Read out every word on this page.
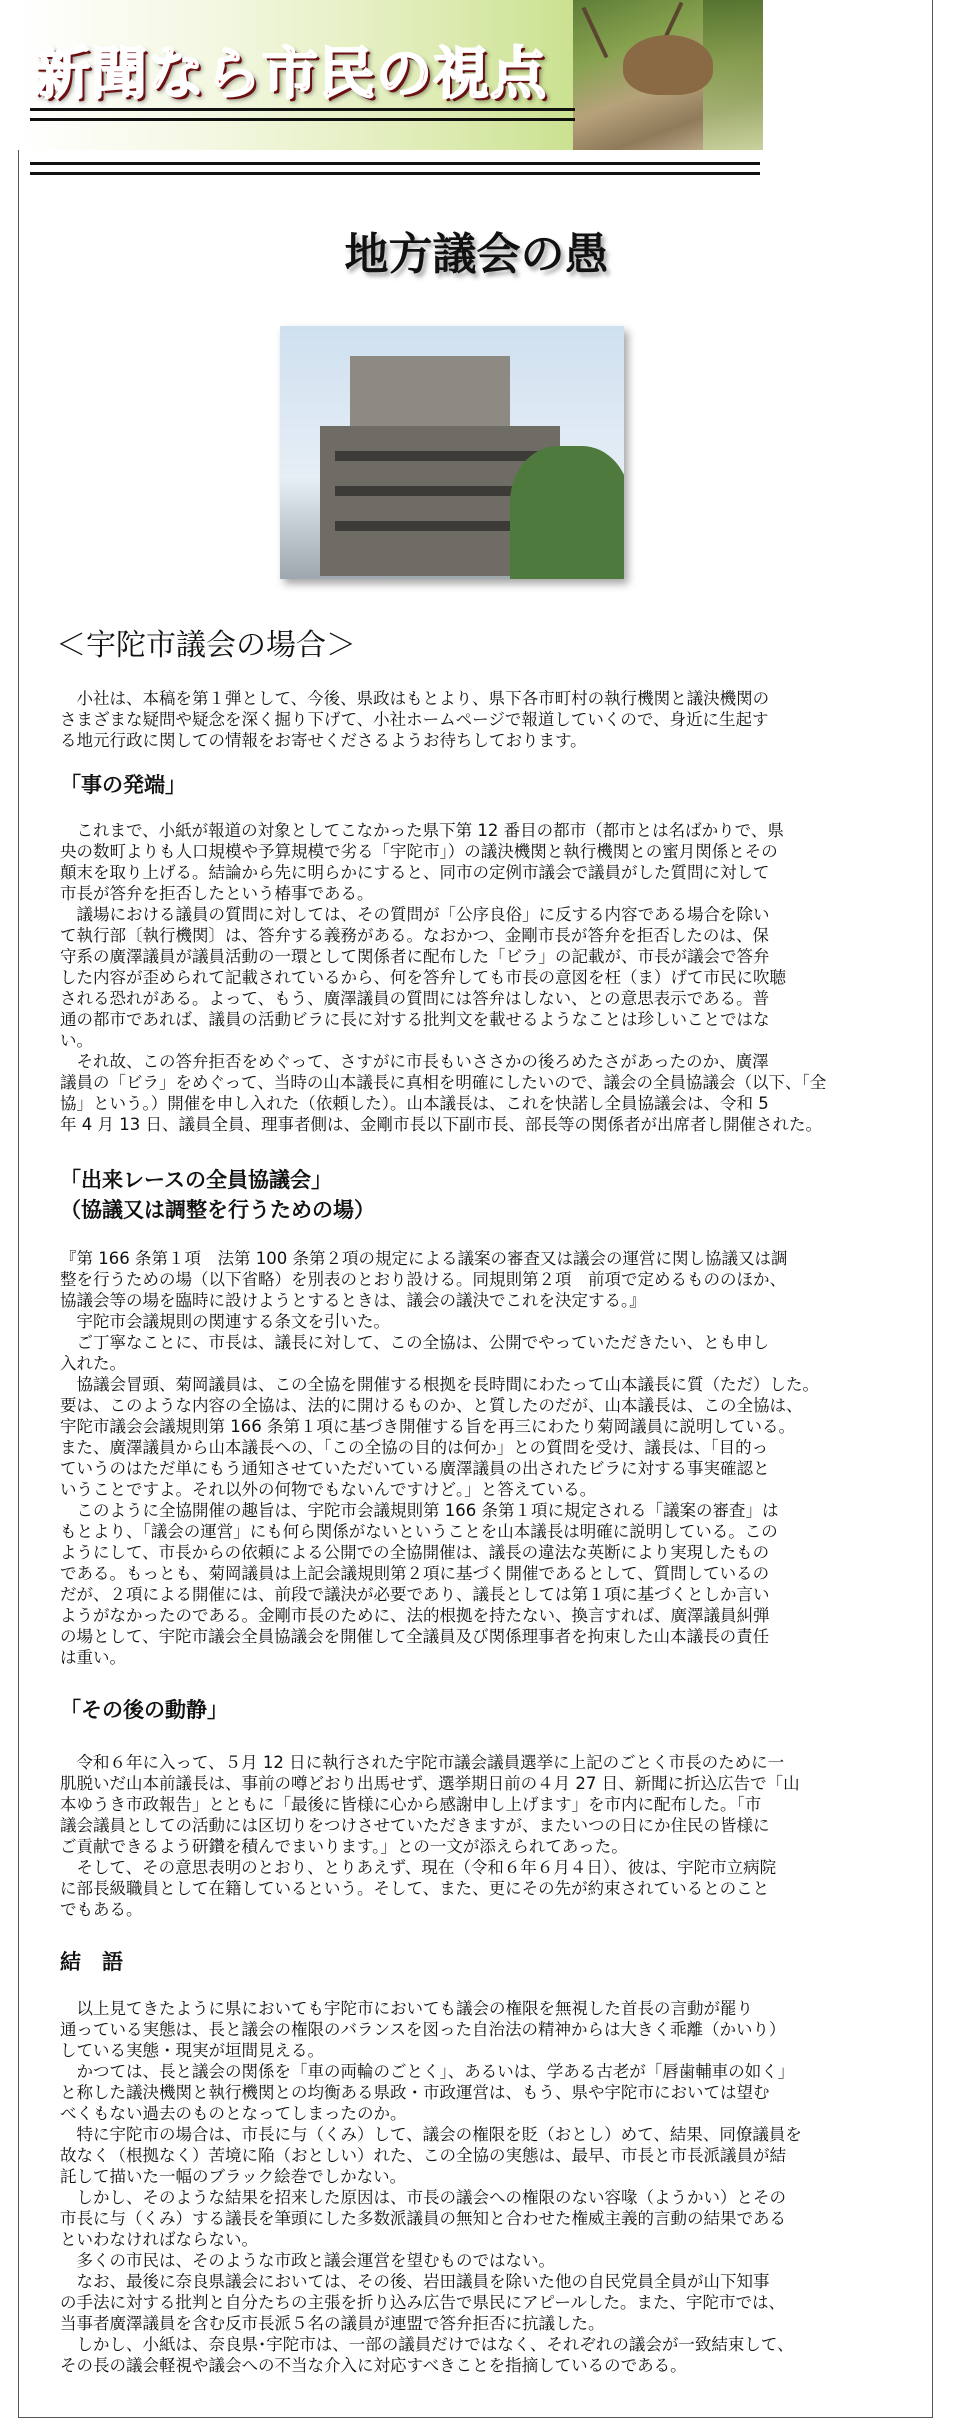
新聞なら市民の視点
地方議会の愚
＜宇陀市議会の場合＞
　小社は、本稿を第１弾として、今後、県政はもとより、県下各市町村の執行機関と議決機関の
さまざまな疑問や疑念を深く掘り下げて、小社ホームページで報道していくので、身近に生起す
る地元行政に関しての情報をお寄せくださるようお待ちしております。
「事の発端」
　これまで、小紙が報道の対象としてこなかった県下第 12 番目の都市（都市とは名ばかりで、県
央の数町よりも人口規模や予算規模で劣る「宇陀市」）の議決機関と執行機関との蜜月関係とその
顛末を取り上げる。結論から先に明らかにすると、同市の定例市議会で議員がした質問に対して
市長が答弁を拒否したという椿事である。
　議場における議員の質問に対しては、その質問が「公序良俗」に反する内容である場合を除い
て執行部〔執行機関〕は、答弁する義務がある。なおかつ、金剛市長が答弁を拒否したのは、保
守系の廣澤議員が議員活動の一環として関係者に配布した「ビラ」の記載が、市長が議会で答弁
した内容が歪められて記載されているから、何を答弁しても市長の意図を枉（ま）げて市民に吹聴
される恐れがある。よって、もう、廣澤議員の質問には答弁はしない、との意思表示である。普
通の都市であれば、議員の活動ビラに長に対する批判文を載せるようなことは珍しいことではな
い。
　それ故、この答弁拒否をめぐって、さすがに市長もいささかの後ろめたさがあったのか、廣澤
議員の「ビラ」をめぐって、当時の山本議長に真相を明確にしたいので、議会の全員協議会（以下、「全
協」という。）開催を申し入れた（依頼した）。山本議長は、これを快諾し全員協議会は、令和 5
年 4 月 13 日、議員全員、理事者側は、金剛市長以下副市長、部長等の関係者が出席者し開催された。
「出来レースの全員協議会」
（協議又は調整を行うための場）
『第 166 条第１項　法第 100 条第２項の規定による議案の審査又は議会の運営に関し協議又は調
整を行うための場（以下省略）を別表のとおり設ける。同規則第２項　前項で定めるもののほか、
協議会等の場を臨時に設けようとするときは、議会の議決でこれを決定する。』
　宇陀市会議規則の関連する条文を引いた。
　ご丁寧なことに、市長は、議長に対して、この全協は、公開でやっていただきたい、とも申し
入れた。
　協議会冒頭、菊岡議員は、この全協を開催する根拠を長時間にわたって山本議長に質（ただ）した。
要は、このような内容の全協は、法的に開けるものか、と質したのだが、山本議長は、この全協は、
宇陀市議会会議規則第 166 条第１項に基づき開催する旨を再三にわたり菊岡議員に説明している。
また、廣澤議員から山本議長への、「この全協の目的は何か」との質問を受け、議長は、「目的っ
ていうのはただ単にもう通知させていただいている廣澤議員の出されたビラに対する事実確認と
いうことですよ。それ以外の何物でもないんですけど。」と答えている。
　このように全協開催の趣旨は、宇陀市会議規則第 166 条第１項に規定される「議案の審査」は
もとより、「議会の運営」にも何ら関係がないということを山本議長は明確に説明している。この
ようにして、市長からの依頼による公開での全協開催は、議長の違法な英断により実現したもの
である。もっとも、菊岡議員は上記会議規則第２項に基づく開催であるとして、質問しているの
だが、２項による開催には、前段で議決が必要であり、議長としては第１項に基づくとしか言い
ようがなかったのである。金剛市長のために、法的根拠を持たない、換言すれば、廣澤議員糾弾
の場として、宇陀市議会全員協議会を開催して全議員及び関係理事者を拘束した山本議長の責任
は重い。
「その後の動静」
　令和６年に入って、５月 12 日に執行された宇陀市議会議員選挙に上記のごとく市長のために一
肌脱いだ山本前議長は、事前の噂どおり出馬せず、選挙期日前の４月 27 日、新聞に折込広告で「山
本ゆうき市政報告」とともに「最後に皆様に心から感謝申し上げます」を市内に配布した。「市
議会議員としての活動には区切りをつけさせていただきますが、またいつの日にか住民の皆様に
ご貢献できるよう研鑽を積んでまいります。」との一文が添えられてあった。
　そして、その意思表明のとおり、とりあえず、現在（令和６年６月４日）、彼は、宇陀市立病院
に部長級職員として在籍しているという。そして、また、更にその先が約束されているとのこと
でもある。
結　語
　以上見てきたように県においても宇陀市においても議会の権限を無視した首長の言動が罷り
通っている実態は、長と議会の権限のバランスを図った自治法の精神からは大きく乖離（かいり）
している実態・現実が垣間見える。
　かつては、長と議会の関係を「車の両輪のごとく」、あるいは、学ある古老が「唇歯輔車の如く」
と称した議決機関と執行機関との均衡ある県政・市政運営は、もう、県や宇陀市においては望む
べくもない過去のものとなってしまったのか。
　特に宇陀市の場合は、市長に与（くみ）して、議会の権限を貶（おとし）めて、結果、同僚議員を
故なく（根拠なく）苦境に陥（おとしい）れた、この全協の実態は、最早、市長と市長派議員が結
託して描いた一幅のブラック絵巻でしかない。
　しかし、そのような結果を招来した原因は、市長の議会への権限のない容喙（ようかい）とその
市長に与（くみ）する議長を筆頭にした多数派議員の無知と合わせた権威主義的言動の結果である
といわなければならない。
　多くの市民は、そのような市政と議会運営を望むものではない。
　なお、最後に奈良県議会においては、その後、岩田議員を除いた他の自民党員全員が山下知事
の手法に対する批判と自分たちの主張を折り込み広告で県民にアピールした。また、宇陀市では、
当事者廣澤議員を含む反市長派５名の議員が連盟で答弁拒否に抗議した。
　しかし、小紙は、奈良県･宇陀市は、一部の議員だけではなく、それぞれの議会が一致結束して、
その長の議会軽視や議会への不当な介入に対応すべきことを指摘しているのである。
